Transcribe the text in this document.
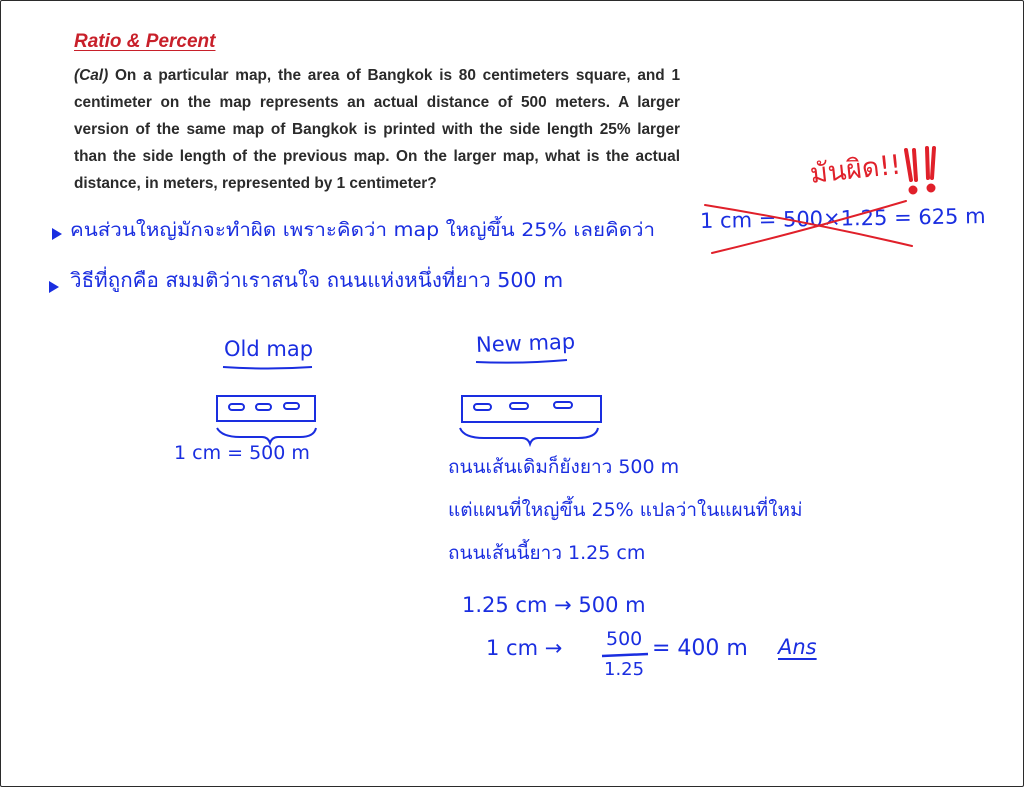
Ratio & Percent
(Cal) On a particular map, the area of Bangkok is 80 centimeters square, and 1 centimeter on the map represents an actual distance of 500 meters. A larger version of the same map of Bangkok is printed with the side length 25% larger than the side length of the previous map. On the larger map, what is the actual distance, in meters, represented by 1 centimeter?	มันผิด!!
1 cm = 500×1.25 = 625 m
คนส่วนใหญ่มักจะทำผิด เพราะคิดว่า map ใหญ่ขึ้น 25% เลยคิดว่า
วิธีที่ถูกคือ สมมติว่าเราสนใจ ถนนแห่งหนึ่งที่ยาว 500 m
Old map	New map
1 cm = 500 m
ถนนเส้นเดิมก็ยังยาว 500 m
แต่แผนที่ใหญ่ขึ้น 25% แปลว่าในแผนที่ใหม่
ถนนเส้นนี้ยาว 1.25 cm
1.25 cm → 500 m
1 cm → 500
1.25
= 400 m Ans
